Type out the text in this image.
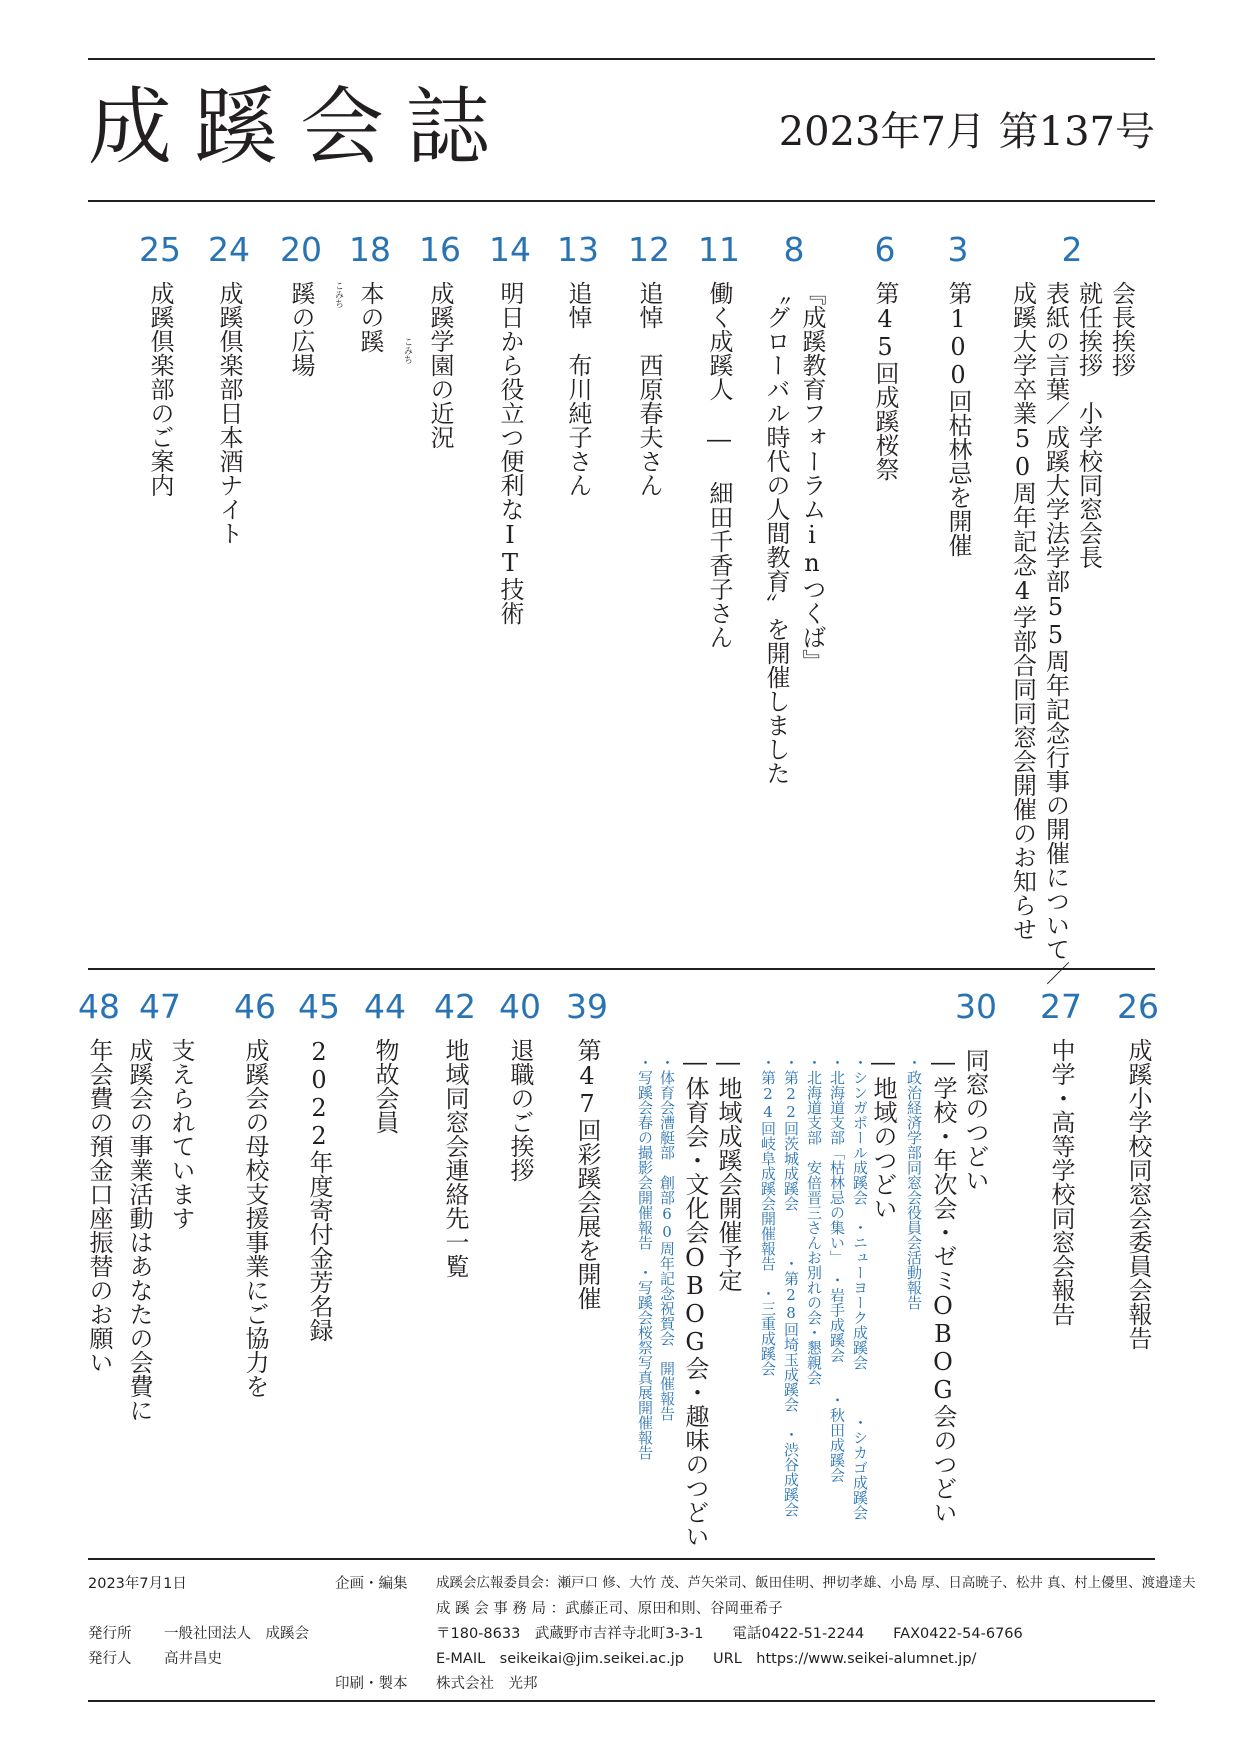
成蹊会誌	2023年7月 第137号
2
会長挨拶
就任挨拶　小学校同窓会長
表紙の言葉／成蹊大学法学部55周年記念行事の開催について／
成蹊大学卒業50周年記念4学部合同同窓会開催のお知らせ
3
第100回枯林忌を開催
6
第45回成蹊桜祭
8
『成蹊教育フォーラムinつくば』
〝グローバル時代の人間教育〟を開催しました
11
働く成蹊人　― 細田千香子さん
12
追悼　西原春夫さん
13
追悼　布川純子さん
14
明日から役立つ便利なIT技術
16
成蹊学園の近況
18
本の蹊	こみち
20
蹊の広場	こみち
24
成蹊倶楽部日本酒ナイト
25
成蹊倶楽部のご案内
26
成蹊小学校同窓会委員会報告
27
中学・高等学校同窓会報告
39
第47回彩蹊会展を開催
40
退職のご挨拶
42
地域同窓会連絡先一覧
44
物故会員
45
2022年度寄付金芳名録
46
成蹊会の母校支援事業にご協力を
47
支えられています
成蹊会の事業活動はあなたの会費に
48
年会費の預金口座振替のお願い
30
同窓のつどい
―学校・年次会・ゼミOBOG会のつどい
・政治経済学部同窓会役員会活動報告
―地域のつどい
・シンガポール成蹊会　・ニューヨーク成蹊会　　　・シカゴ成蹊会
・北海道支部「枯林忌の集い」　・岩手成蹊会　　・秋田成蹊会
・北海道支部　安倍晋三さんお別れの会・懇親会
・第22回茨城成蹊会　　　・第28回埼玉成蹊会　・渋谷成蹊会
・第24回岐阜成蹊会開催報告　・三重成蹊会
―地域成蹊会開催予定
―体育会・文化会OBOG会・趣味のつどい
・体育会漕艇部　創部60周年記念祝賀会　開催報告
・写蹊会春の撮影会開催報告　・写蹊会桜祭写真展開催報告
2023年7月1日	企画・編集 成蹊会広報委員会：瀬戸口 修、大竹 茂、芦矢栄司、飯田佳明、押切孝雄、小島 厚、日高暁子、松井 真、村上優里、渡邉達夫
成 蹊 会 事 務 局 ：武藤正司、原田和則、谷岡亜希子
発行所 一般社団法人　成蹊会	〒180-8633　武蔵野市吉祥寺北町3-3-1　　電話0422-51-2244　　FAX0422-54-6766
発行人 高井昌史	E-MAIL　seikeikai@jim.seikei.ac.jp　　URL　https://www.seikei-alumnet.jp/
印刷・製本 株式会社　光邦
